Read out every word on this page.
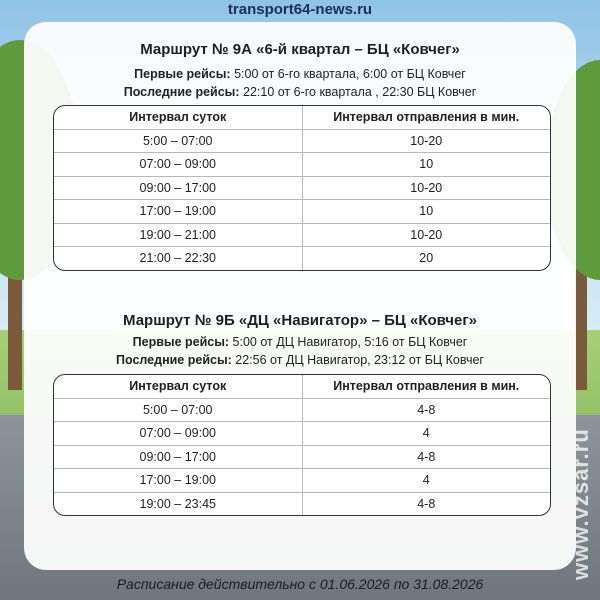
transport64-news.ru
Маршрут № 9А «6-й квартал – БЦ «Ковчег»
Первые рейсы: 5:00 от 6-го квартала, 6:00 от БЦ Ковчег
Последние рейсы: 22:10 от 6-го квартала , 22:30 БЦ Ковчег
Интервал суток	Интервал отправления в мин.
5:00 – 07:00	10-20
07:00 – 09:00	10
09:00 – 17:00	10-20
17:00 – 19:00	10
19:00 – 21:00	10-20
21:00 – 22:30	20
Маршрут № 9Б «ДЦ «Навигатор» – БЦ «Ковчег»
Первые рейсы: 5:00 от ДЦ Навигатор, 5:16 от БЦ Ковчег
Последние рейсы: 22:56 от ДЦ Навигатор, 23:12 от БЦ Ковчег
Интервал суток	Интервал отправления в мин.
5:00 – 07:00	4-8
07:00 – 09:00	4
09:00 – 17:00	4-8
17:00 – 19:00	4
19:00 – 23:45	4-8
Расписание действительно с 01.06.2026 по 31.08.2026
www.vzsar.ru
